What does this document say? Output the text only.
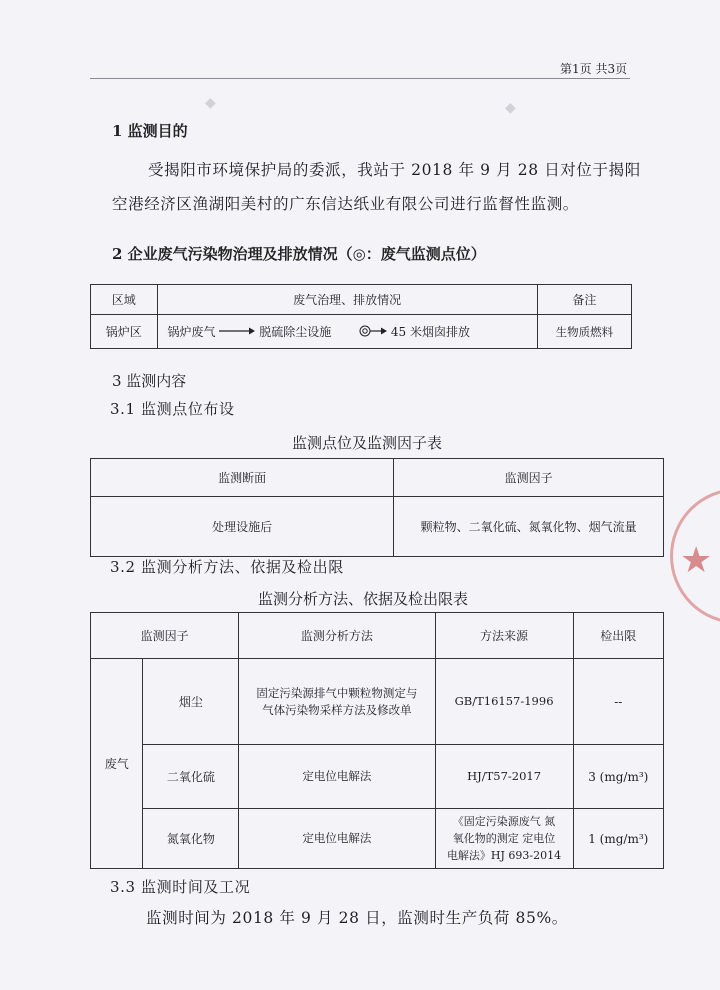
第1页 共3页
◆
◆
1 监测目的
受揭阳市环境保护局的委派，我站于 2018 年 9 月 28 日对位于揭阳
空港经济区渔湖阳美村的广东信达纸业有限公司进行监督性监测。
2 企业废气污染物治理及排放情况（◎：废气监测点位）
区域	废气治理、排放情况	备注
锅炉区	锅炉废气 脱硫除尘设施 45 米烟囱排放	生物质燃料
3 监测内容
3.1 监测点位布设
监测点位及监测因子表
监测断面	监测因子
处理设施后	颗粒物、二氧化硫、氮氧化物、烟气流量
3.2 监测分析方法、依据及检出限
监测分析方法、依据及检出限表
监测因子		监测分析方法	方法来源	检出限
废气	烟尘	固定污染源排气中颗粒物测定与
气体污染物采样方法及修改单	GB/T16157-1996	--
	二氧化硫	定电位电解法	HJ/T57-2017	3 (mg/m³)
	氮氧化物	定电位电解法	《固定污染源废气 氮
氧化物的测定 定电位
电解法》HJ 693-2014	1 (mg/m³)
3.3 监测时间及工况
监测时间为 2018 年 9 月 28 日，监测时生产负荷 85%。
★
